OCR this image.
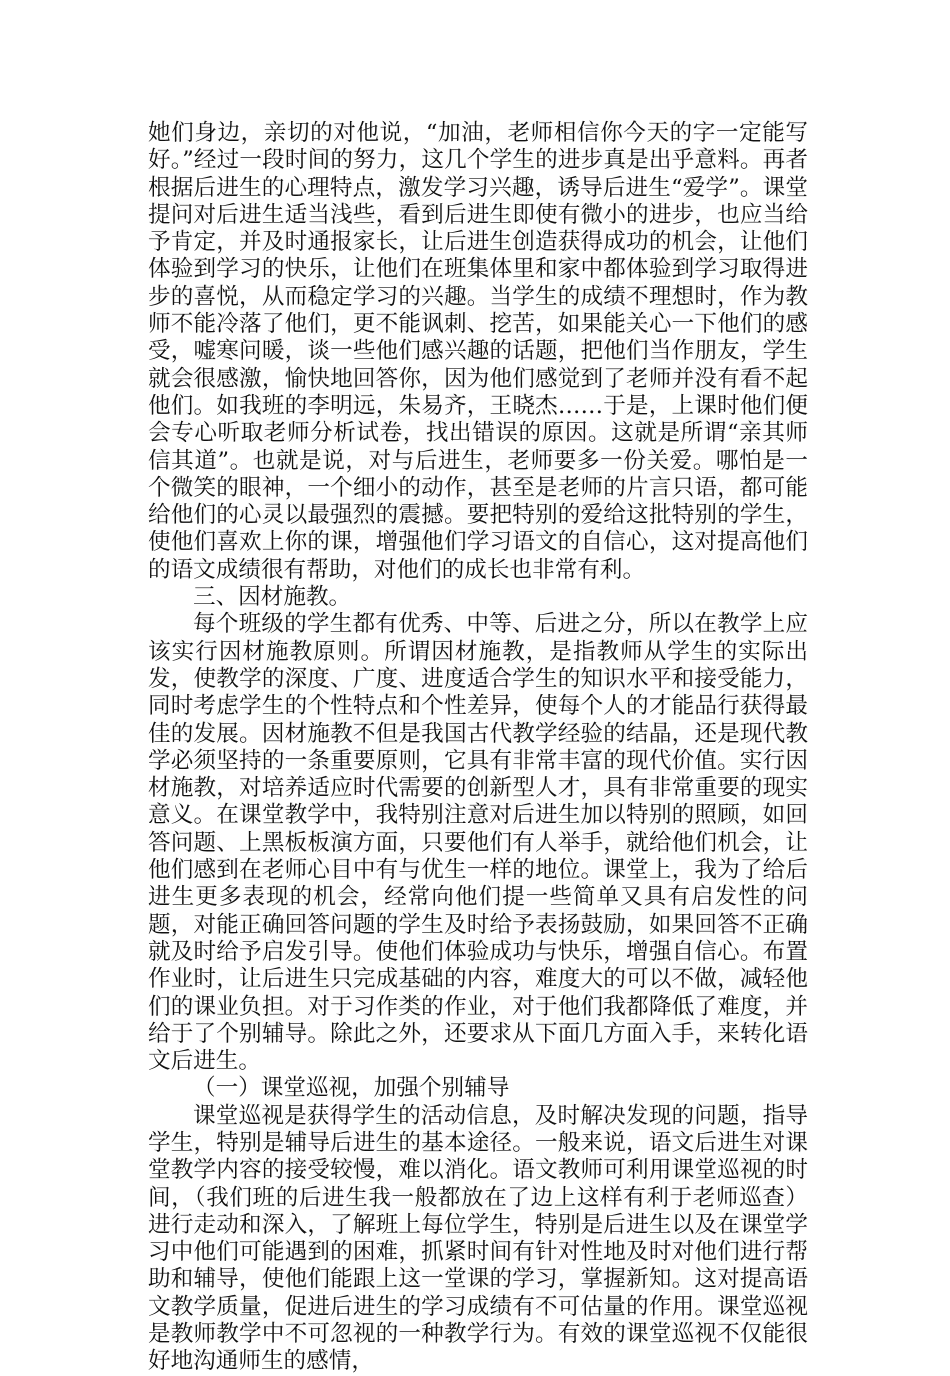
她们身边，亲切的对他说，“加油，老师相信你今天的字一定能写好。”经过一段时间的努力，这几个学生的进步真是出乎意料。再者根据后进生的心理特点，激发学习兴趣，诱导后进生“爱学”。课堂提问对后进生适当浅些，看到后进生即使有微小的进步，也应当给予肯定，并及时通报家长，让后进生创造获得成功的机会，让他们体验到学习的快乐，让他们在班集体里和家中都体验到学习取得进步的喜悦，从而稳定学习的兴趣。当学生的成绩不理想时，作为教师不能冷落了他们，更不能讽刺、挖苦，如果能关心一下他们的感受，嘘寒问暖，谈一些他们感兴趣的话题，把他们当作朋友，学生就会很感激，愉快地回答你，因为他们感觉到了老师并没有看不起他们。如我班的李明远，朱易齐，王晓杰……于是，上课时他们便会专心听取老师分析试卷，找出错误的原因。这就是所谓“亲其师信其道”。也就是说，对与后进生，老师要多一份关爱。哪怕是一个微笑的眼神，一个细小的动作，甚至是老师的片言只语，都可能给他们的心灵以最强烈的震撼。要把特别的爱给这批特别的学生，使他们喜欢上你的课，增强他们学习语文的自信心，这对提高他们的语文成绩很有帮助，对他们的成长也非常有利。

三、因材施教。

每个班级的学生都有优秀、中等、后进之分，所以在教学上应该实行因材施教原则。所谓因材施教，是指教师从学生的实际出发，使教学的深度、广度、进度适合学生的知识水平和接受能力，同时考虑学生的个性特点和个性差异，使每个人的才能品行获得最佳的发展。因材施教不但是我国古代教学经验的结晶，还是现代教学必须坚持的一条重要原则，它具有非常丰富的现代价值。实行因材施教，对培养适应时代需要的创新型人才，具有非常重要的现实意义。在课堂教学中，我特别注意对后进生加以特别的照顾，如回答问题、上黑板板演方面，只要他们有人举手，就给他们机会，让他们感到在老师心目中有与优生一样的地位。课堂上，我为了给后进生更多表现的机会，经常向他们提一些简单又具有启发性的问题，对能正确回答问题的学生及时给予表扬鼓励，如果回答不正确就及时给予启发引导。使他们体验成功与快乐，增强自信心。布置作业时，让后进生只完成基础的内容，难度大的可以不做，减轻他们的课业负担。对于习作类的作业，对于他们我都降低了难度，并给于了个别辅导。除此之外，还要求从下面几方面入手，来转化语文后进生。

（一）课堂巡视，加强个别辅导

课堂巡视是获得学生的活动信息，及时解决发现的问题，指导学生，特别是辅导后进生的基本途径。一般来说，语文后进生对课堂教学内容的接受较慢，难以消化。语文教师可利用课堂巡视的时间，（我们班的后进生我一般都放在了边上这样有利于老师巡查）进行走动和深入，了解班上每位学生，特别是后进生以及在课堂学习中他们可能遇到的困难，抓紧时间有针对性地及时对他们进行帮助和辅导，使他们能跟上这一堂课的学习，掌握新知。这对提高语文教学质量，促进后进生的学习成绩有不可估量的作用。课堂巡视是教师教学中不可忽视的一种教学行为。有效的课堂巡视不仅能很好地沟通师生的感情，
